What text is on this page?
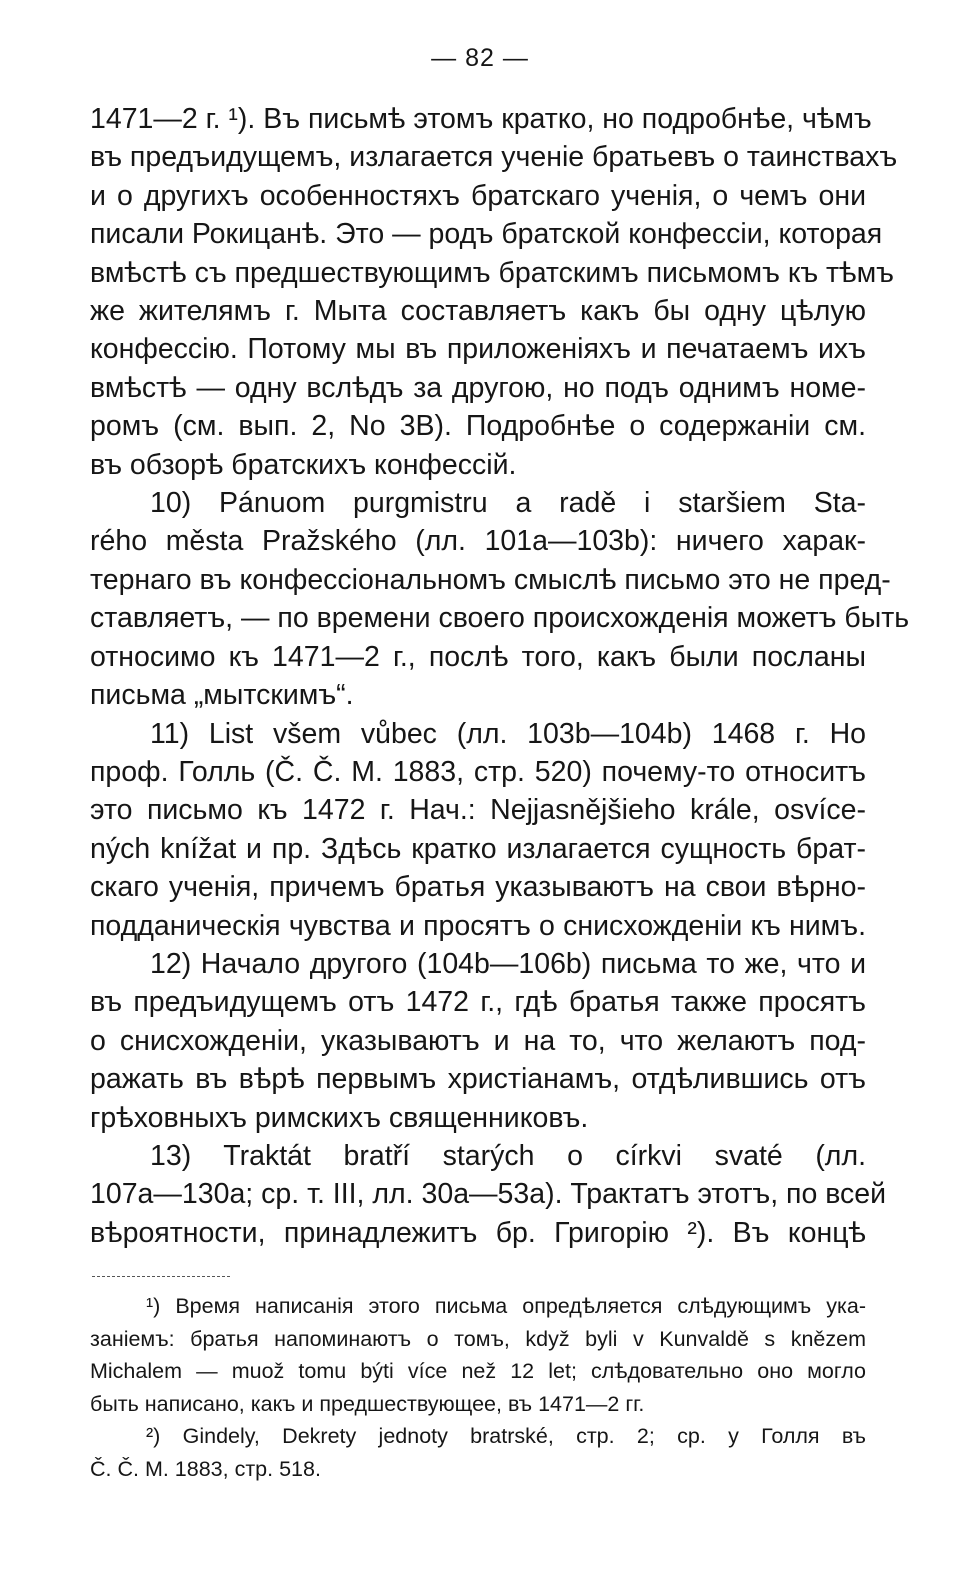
— 82 —

1471—2 г. ¹). Въ письмѣ этомъ кратко, но подробнѣе, чѣмъ
въ предъидущемъ, излагается ученіе братьевъ о таинствахъ
и о другихъ особенностяхъ братскаго ученія, о чемъ они
писали Рокицанѣ. Это — родъ братской конфессіи, которая
вмѣстѣ съ предшествующимъ братскимъ письмомъ къ тѣмъ
же жителямъ г. Мыта составляетъ какъ бы одну цѣлую
конфессію. Потому мы въ приложеніяхъ и печатаемъ ихъ
вмѣстѣ — одну вслѣдъ за другою, но подъ однимъ номе-
ромъ (см. вып. 2, No 3B). Подробнѣе о содержаніи см.
въ обзорѣ братскихъ конфессій.

10) Pánuom purgmistru a radě i staršiem Sta-
rého města Pražského (лл. 101а—103b): ничего харак-
тернаго въ конфессіональномъ смыслѣ письмо это не пред-
ставляетъ, — по времени своего происхожденія можетъ быть
относимо къ 1471—2 г., послѣ того, какъ были посланы
письма „мытскимъ“.

11) List všem vůbec (лл. 103b—104b) 1468 г. Но
проф. Голль (Č. Č. M. 1883, стр. 520) почему-то относитъ
это письмо къ 1472 г. Нач.: Nejjasnějšieho krále, osvíce-
ných knížat и пр. Здѣсь кратко излагается сущность брат-
скаго ученія, причемъ братья указываютъ на свои вѣрно-
подданическія чувства и просятъ о снисхожденіи къ нимъ.

12) Начало другого (104b—106b) письма то же, что и
въ предъидущемъ отъ 1472 г., гдѣ братья также просятъ
о снисхожденіи, указываютъ и на то, что желаютъ под-
ражать въ вѣрѣ первымъ христіанамъ, отдѣлившись отъ
грѣховныхъ римскихъ священниковъ.

13) Traktát bratří starých o církvi svaté (лл.
107а—130а; ср. т. III, лл. 30а—53а). Трактатъ этотъ, по всей
вѣроятности, принадлежитъ бр. Григорію ²). Въ концѣ

¹) Время написанія этого письма опредѣляется слѣдующимъ ука-
заніемъ: братья напоминаютъ о томъ, když byli v Kunvaldě s knězem
Michalem — muož tomu býti více než 12 let; слѣдовательно оно могло
быть написано, какъ и предшествующее, въ 1471—2 гг.
²) Gindely, Dekrety jednoty bratrské, стр. 2; ср. у Голля въ
Č. Č. M. 1883, стр. 518.
